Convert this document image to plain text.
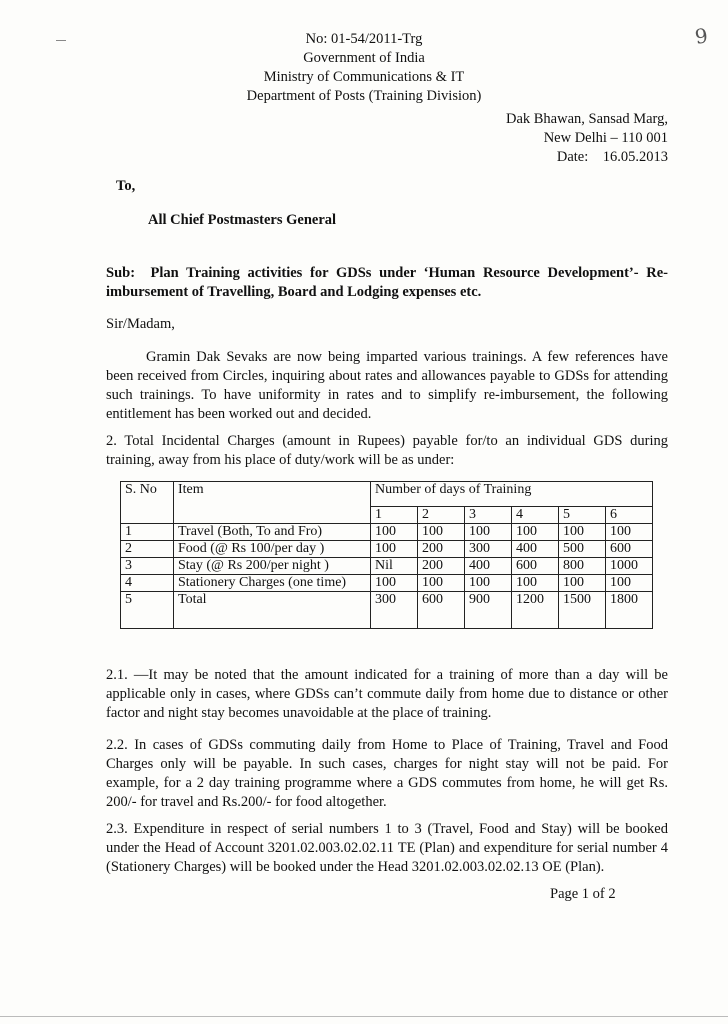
9
No: 01-54/2011-Trg
Government of India
Ministry of Communications & IT
Department of Posts (Training Division)
Dak Bhawan, Sansad Marg,
New Delhi – 110 001
Date: 16.05.2013
To,
All Chief Postmasters General
Sub: Plan Training activities for GDSs under ‘Human Resource Development’- Re-
imbursement of Travelling, Board and Lodging expenses etc.
Sir/Madam,
Gramin Dak Sevaks are now being imparted various trainings. A few references have been received from Circles, inquiring about rates and allowances payable to GDSs for attending such trainings. To have uniformity in rates and to simplify re-imbursement, the following entitlement has been worked out and decided.
2. Total Incidental Charges (amount in Rupees) payable for/to an individual GDS during training, away from his place of duty/work will be as under:
S. No	Item	Number of days of Training					
		1	2	3	4	5	6
1	Travel (Both, To and Fro)	100	100	100	100	100	100
2	Food (@ Rs 100/per day )	100	200	300	400	500	600
3	Stay (@ Rs 200/per night )	Nil	200	400	600	800	1000
4	Stationery Charges (one time)	100	100	100	100	100	100
5	Total	300	600	900	1200	1500	1800
2.1. —It may be noted that the amount indicated for a training of more than a day will be applicable only in cases, where GDSs can’t commute daily from home due to distance or other factor and night stay becomes unavoidable at the place of training.
2.2. In cases of GDSs commuting daily from Home to Place of Training, Travel and Food Charges only will be payable. In such cases, charges for night stay will not be paid. For example, for a 2 day training programme where a GDS commutes from home, he will get Rs. 200/- for travel and Rs.200/- for food altogether.
2.3. Expenditure in respect of serial numbers 1 to 3 (Travel, Food and Stay) will be booked under the Head of Account 3201.02.003.02.02.11 TE (Plan) and expenditure for serial number 4 (Stationery Charges) will be booked under the Head 3201.02.003.02.02.13 OE (Plan).
Page 1 of 2
